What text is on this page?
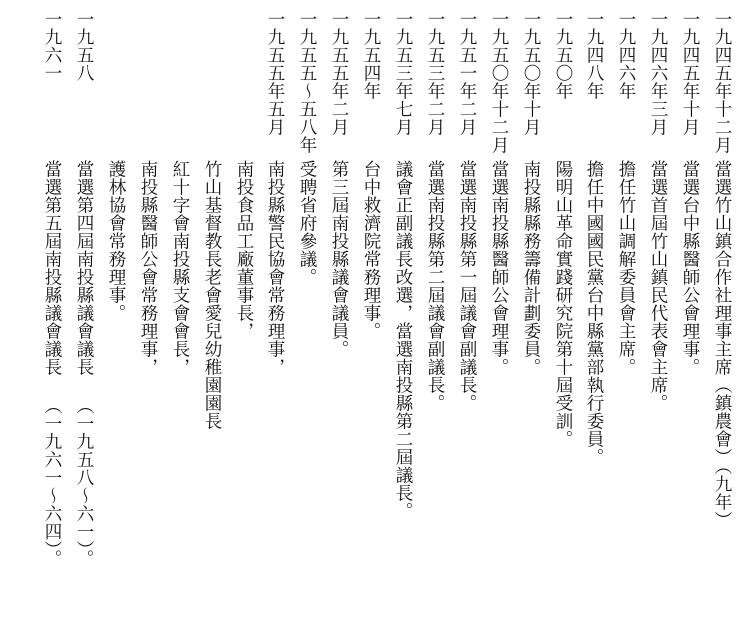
一九四五年十二月
當選竹山鎮合作社理事主席（鎮農會）（九年）
一九四五年十月
當選台中縣醫師公會理事。
一九四六年三月
當選首屆竹山鎮民代表會主席。
一九四六年
擔任竹山調解委員會主席。
一九四八年
擔任中國國民黨台中縣黨部執行委員。
一九五〇年
陽明山革命實踐研究院第十屆受訓。
一九五〇年十月
南投縣縣務籌備計劃委員。
一九五〇年十二月
當選南投縣醫師公會理事。
一九五一年二月
當選南投縣第一屆議會副議長。
一九五三年二月
當選南投縣第二屆議會副議長。
一九五三年七月
議會正副議長改選，當選南投縣第二屆議長。
一九五四年
台中救濟院常務理事。
一九五五年二月
第三屆南投縣議會議員。
一九五五～五八年
受聘省府參議。
一九五五年五月
南投縣警民協會常務理事，
南投食品工廠董事長，
竹山基督教長老會愛兒幼稚園園長
紅十字會南投縣支會會長，
南投縣醫師公會常務理事，
護林協會常務理事。
一九五八
當選第四屆南投縣議會議長 （一九五八～六一）。
一九六一
當選第五屆南投縣議會議長 （一九六一～六四）。
